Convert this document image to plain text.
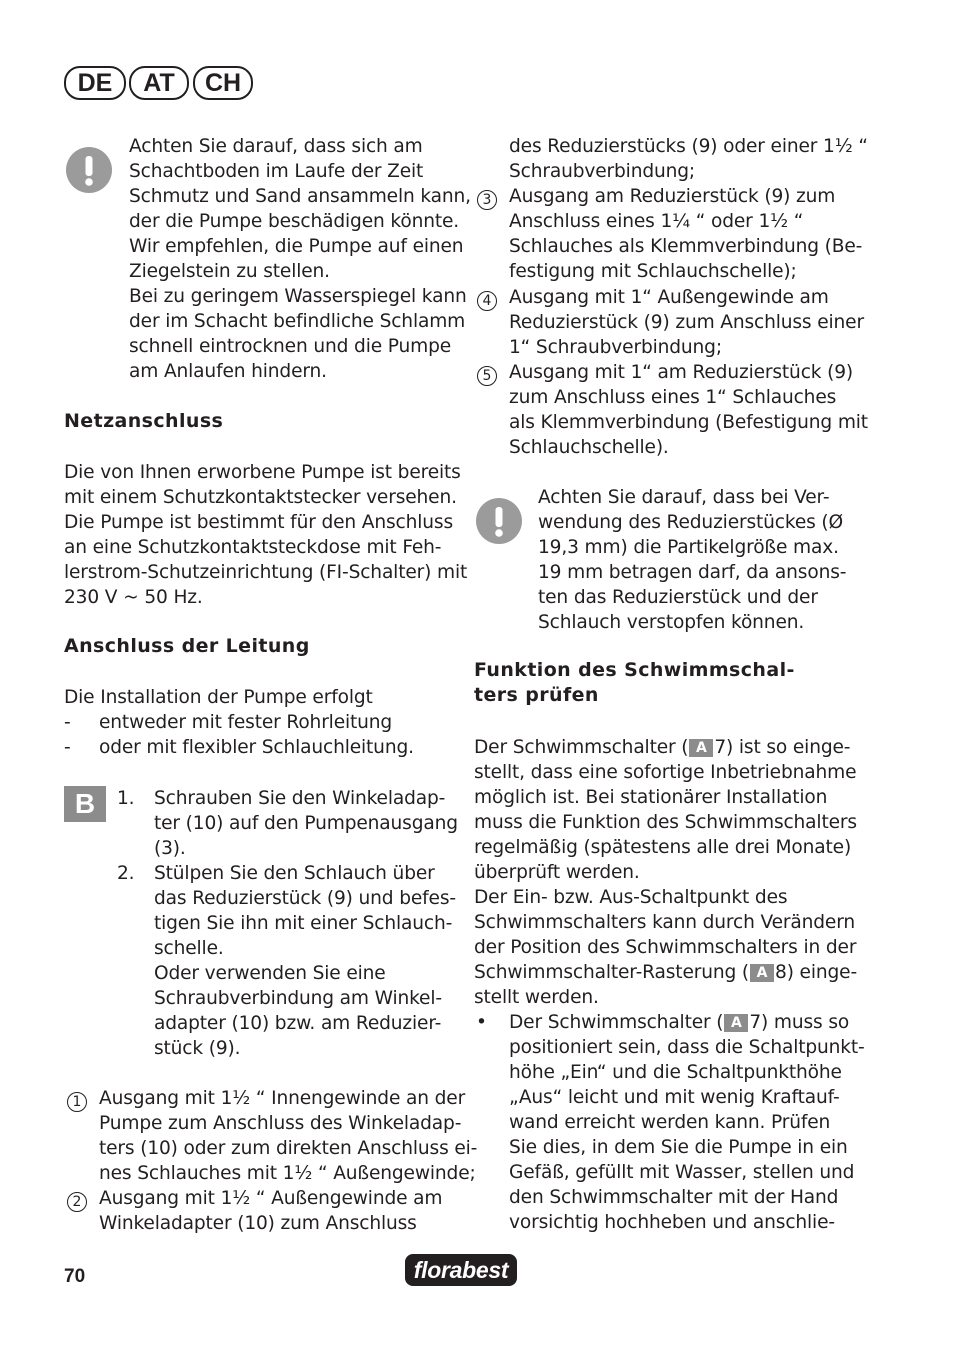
DE	AT	CH
Achten Sie darauf, dass sich am
Schachtboden im Laufe der Zeit
Schmutz und Sand ansammeln kann,
der die Pumpe beschädigen könnte.
Wir empfehlen, die Pumpe auf einen
Ziegelstein zu stellen.
Bei zu geringem Wasserspiegel kann
der im Schacht befindliche Schlamm
schnell eintrocknen und die Pumpe
am Anlaufen hindern.
Netzanschluss
Die von Ihnen erworbene Pumpe ist bereits
mit einem Schutzkontaktstecker versehen.
Die Pumpe ist bestimmt für den Anschluss
an eine Schutzkontaktsteckdose mit Feh-
lerstrom-Schutzeinrichtung (FI-Schalter) mit
230 V ~ 50 Hz.
Anschluss der Leitung
Die Installation der Pumpe erfolgt
- entweder mit fester Rohrleitung
- oder mit flexibler Schlauchleitung.
B	1. Schrauben Sie den Winkeladap-
ter (10) auf den Pumpenausgang
(3).
2. Stülpen Sie den Schlauch über
das Reduzierstück (9) und befes-
tigen Sie ihn mit einer Schlauch-
schelle.
Oder verwenden Sie eine
Schraubverbindung am Winkel-
adapter (10) bzw. am Reduzier-
stück (9).
1 Ausgang mit 1½ “ Innengewinde an der
Pumpe zum Anschluss des Winkeladap-
ters (10) oder zum direkten Anschluss ei-
nes Schlauches mit 1½ “ Außengewinde;
2 Ausgang mit 1½ “ Außengewinde am
Winkeladapter (10) zum Anschluss
des Reduzierstücks (9) oder einer 1½ “
Schraubverbindung;
3 Ausgang am Reduzierstück (9) zum
Anschluss eines 1¼ “ oder 1½ “
Schlauches als Klemmverbindung (Be-
festigung mit Schlauchschelle);
4 Ausgang mit 1“ Außengewinde am
Reduzierstück (9) zum Anschluss einer
1“ Schraubverbindung;
5 Ausgang mit 1“ am Reduzierstück (9)
zum Anschluss eines 1“ Schlauches
als Klemmverbindung (Befestigung mit
Schlauchschelle).
Achten Sie darauf, dass bei Ver-
wendung des Reduzierstückes (Ø
19,3 mm) die Partikelgröße max.
19 mm betragen darf, da ansons-
ten das Reduzierstück und der
Schlauch verstopfen können.
Funktion des Schwimmschal-
ters prüfen
Der Schwimmschalter ( A 7) ist so einge-
stellt, dass eine sofortige Inbetriebnahme
möglich ist. Bei stationärer Installation
muss die Funktion des Schwimmschalters
regelmäßig (spätestens alle drei Monate)
überprüft werden.
Der Ein- bzw. Aus-Schaltpunkt des
Schwimmschalters kann durch Verändern
der Position des Schwimmschalters in der
Schwimmschalter-Rasterung ( A 8) einge-
stellt werden.
• Der Schwimmschalter ( A 7) muss so
positioniert sein, dass die Schaltpunkt-
höhe „Ein“ und die Schaltpunkthöhe
„Aus“ leicht und mit wenig Kraftauf-
wand erreicht werden kann. Prüfen
Sie dies, in dem Sie die Pumpe in ein
Gefäß, gefüllt mit Wasser, stellen und
den Schwimmschalter mit der Hand
vorsichtig hochheben und anschlie-
70	florabest
